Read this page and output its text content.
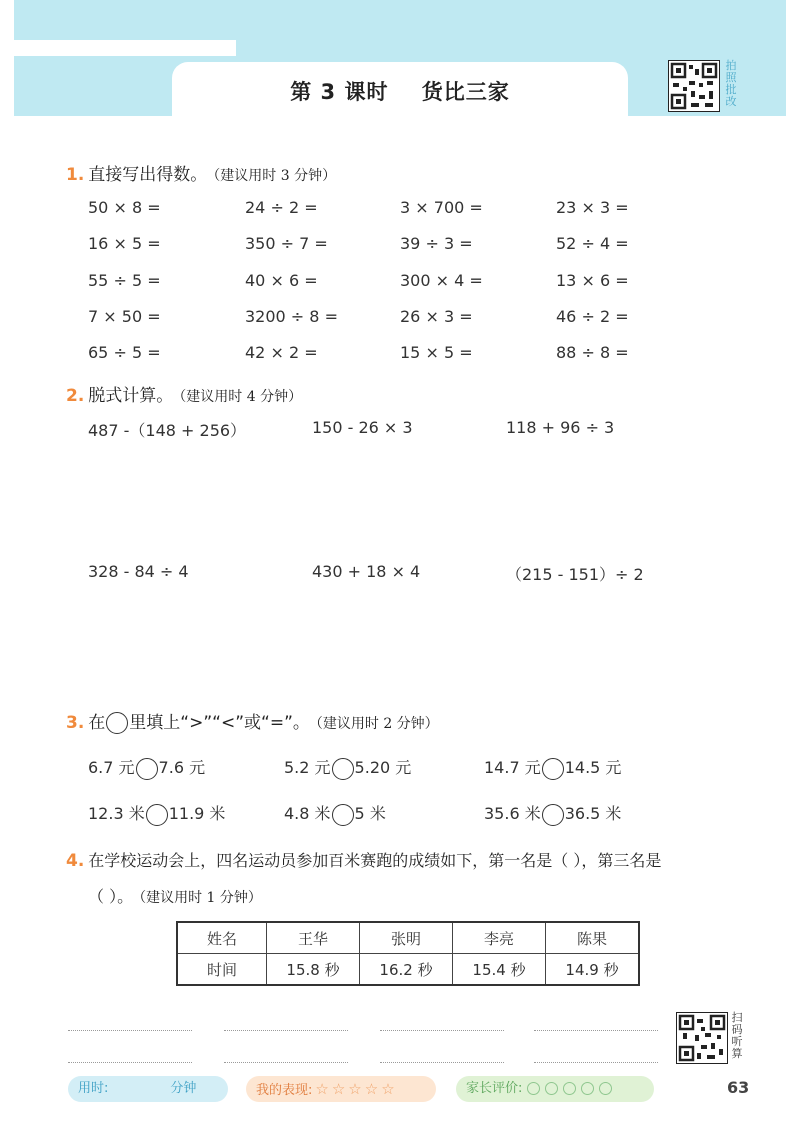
第 3 课时    货比三家
拍照批改
1. 直接写出得数。 （建议用时 3 分钟）
50 × 8 =	24 ÷ 2 =	3 × 700 =	23 × 3 =
16 × 5 =	350 ÷ 7 =	39 ÷ 3 =	52 ÷ 4 =
55 ÷ 5 =	40 × 6 =	300 × 4 =	13 × 6 =
7 × 50 =	3200 ÷ 8 =	26 × 3 =	46 ÷ 2 =
65 ÷ 5 =	42 × 2 =	15 × 5 =	88 ÷ 8 =
2. 脱式计算。 （建议用时 4 分钟）
487 -（148 + 256）	150 - 26 × 3	118 + 96 ÷ 3
328 - 84 ÷ 4	430 + 18 × 4	（215 - 151）÷ 2
3. 在 里填上“>”“<”或“=”。 （建议用时 2 分钟）
6.7 元 7.6 元	5.2 元 5.20 元	14.7 元 14.5 元
12.3 米 11.9 米	4.8 米 5 米	35.6 米 36.5 米
4. 在学校运动会上，四名运动员参加百米赛跑的成绩如下，第一名是（ ），第三名是
（ ）。 （建议用时 1 分钟）
姓名	王华	张明	李亮	陈果
时间	15.8 秒	16.2 秒	15.4 秒	14.9 秒
扫码听算
用时:	分钟	我的表现: ☆ ☆ ☆ ☆ ☆	家长评价:	63
